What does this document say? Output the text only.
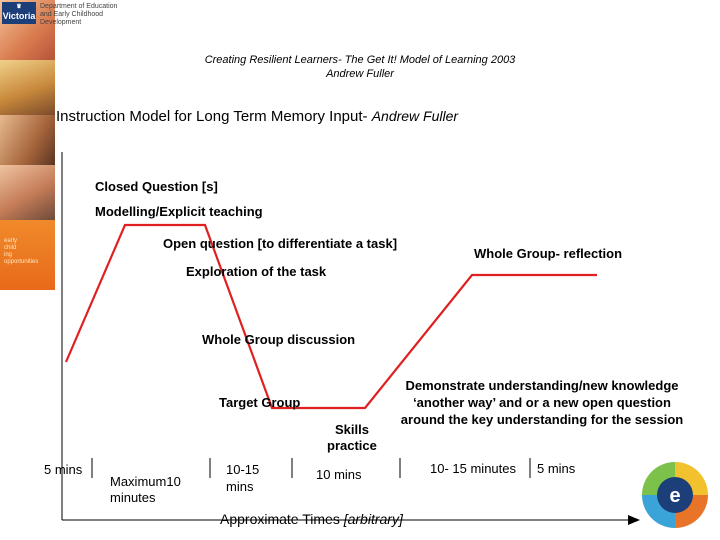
early
child
ing
opportunities
♛
Victoria
Department of Education and Early Childhood Development
Creating Resilient Learners- The Get It! Model of Learning 2003
Andrew Fuller
Instruction Model for Long Term Memory Input- Andrew Fuller
Closed Question [s]
Modelling/Explicit teaching
Open question [to differentiate a task]
Exploration of the task
Whole Group- reflection
Whole Group discussion
Target Group
Skills
practice
Demonstrate understanding/new knowledge
‘another way’ and or a new open question
around the key understanding for the session
5 mins
Maximum10
minutes
10-15
mins
10 mins	10- 15 minutes 5 mins
Approximate Times [arbitrary]
e
